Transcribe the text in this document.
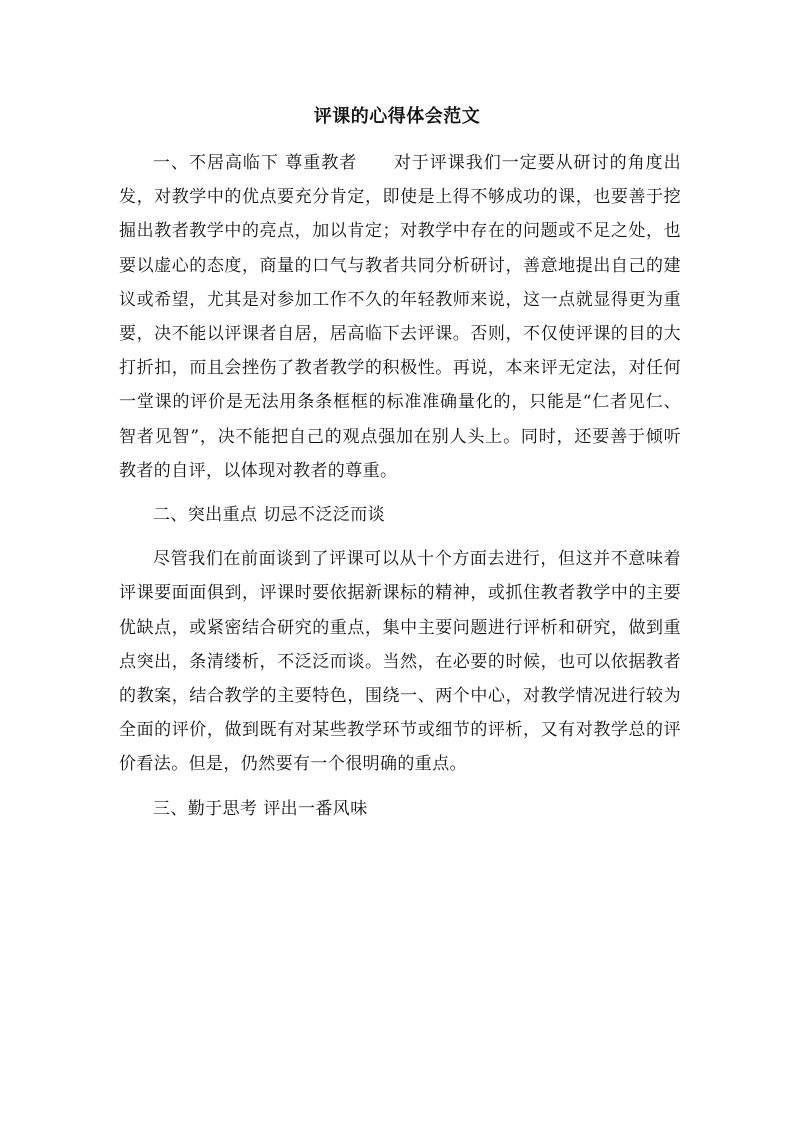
评课的心得体会范文

一、不居高临下 尊重教者 对于评课我们一定要从研讨的角度出发，对教学中的优点要充分肯定，即使是上得不够成功的课，也要善于挖掘出教者教学中的亮点，加以肯定；对教学中存在的问题或不足之处，也要以虚心的态度，商量的口气与教者共同分析研讨，善意地提出自己的建议或希望，尤其是对参加工作不久的年轻教师来说，这一点就显得更为重要，决不能以评课者自居，居高临下去评课。否则，不仅使评课的目的大打折扣，而且会挫伤了教者教学的积极性。再说，本来评无定法，对任何一堂课的评价是无法用条条框框的标准准确量化的，只能是“仁者见仁、智者见智”，决不能把自己的观点强加在别人头上。同时，还要善于倾听教者的自评，以体现对教者的尊重。

二、突出重点 切忌不泛泛而谈

尽管我们在前面谈到了评课可以从十个方面去进行，但这并不意味着评课要面面俱到，评课时要依据新课标的精神，或抓住教者教学中的主要优缺点，或紧密结合研究的重点，集中主要问题进行评析和研究，做到重点突出，条清缕析，不泛泛而谈。当然，在必要的时候，也可以依据教者的教案，结合教学的主要特色，围绕一、两个中心，对教学情况进行较为全面的评价，做到既有对某些教学环节或细节的评析，又有对教学总的评价看法。但是，仍然要有一个很明确的重点。

三、勤于思考 评出一番风味
